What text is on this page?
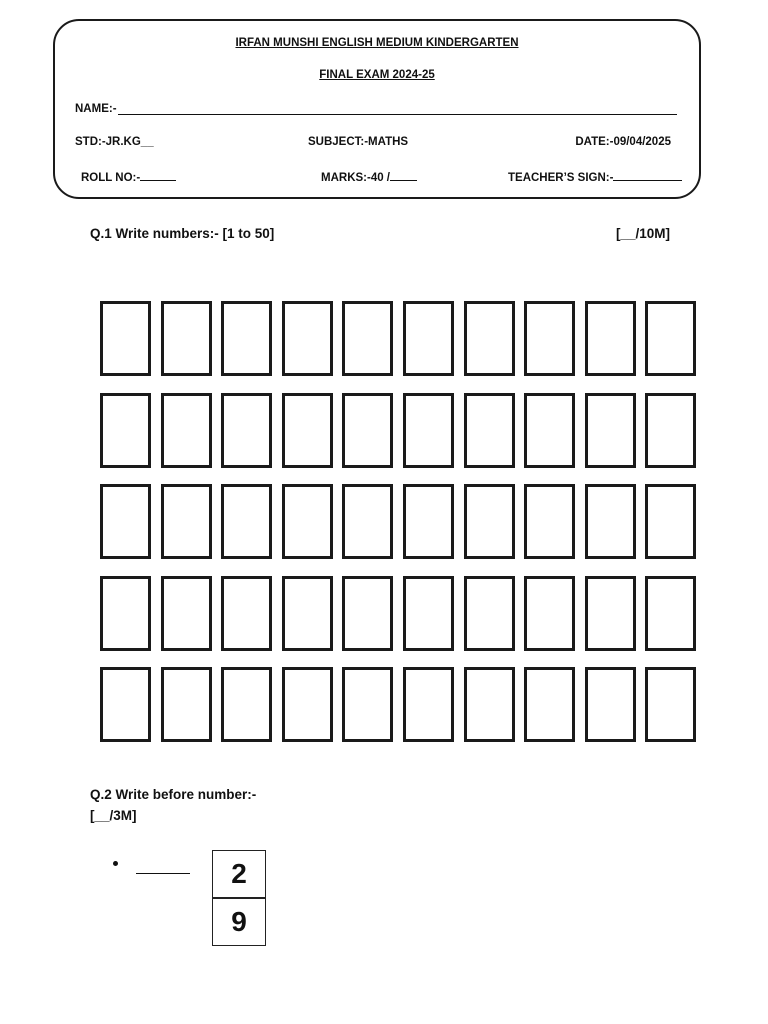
IRFAN MUNSHI ENGLISH MEDIUM KINDERGARTEN
FINAL EXAM 2024-25
NAME:-
STD:-JR.KG__	SUBJECT:-MATHS	DATE:-09/04/2025
ROLL NO:-	MARKS:-40 /	TEACHER’S SIGN:-
Q.1 Write numbers:- [1 to 50]	[__/10M]
Q.2 Write before number:-
[__/3M]
2
9
